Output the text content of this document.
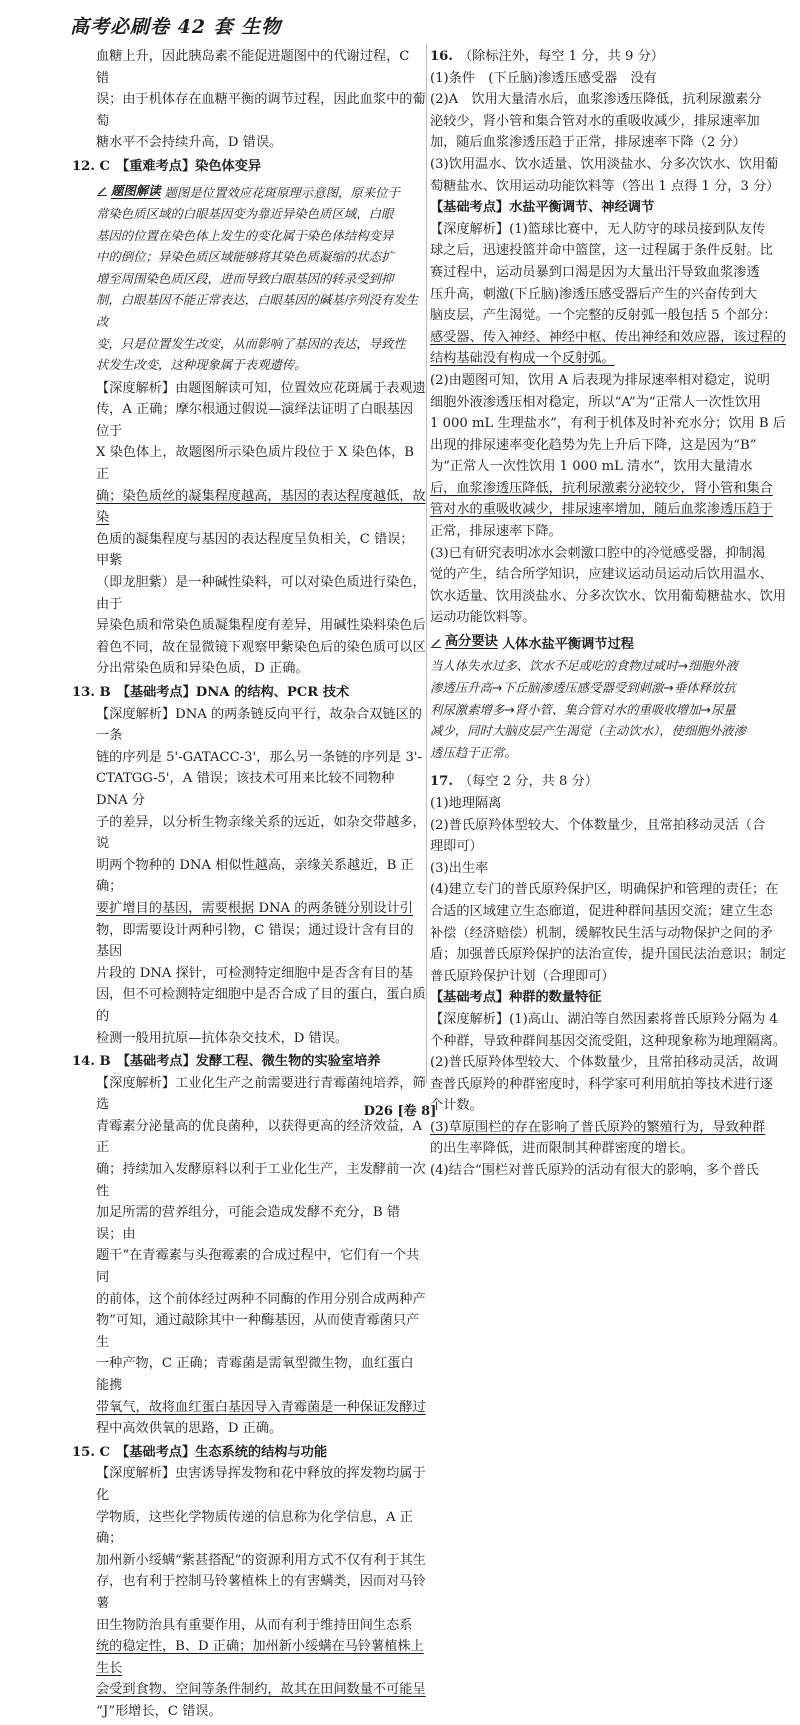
高考必刷卷 42 套 生物
血糖上升，因此胰岛素不能促进题图中的代谢过程，C 错
误；由于机体存在血糖平衡的调节过程，因此血浆中的葡萄
糖水平不会持续升高，D 错误。
12. C 【重难考点】染色体变异
题图解读 题图是位置效应花斑原理示意图，原来位于
常染色质区域的白眼基因变为靠近异染色质区域，白眼
基因的位置在染色体上发生的变化属于染色体结构变异
中的倒位；异染色质区域能够将其染色质凝缩的状态扩
增至周围染色质区段，进而导致白眼基因的转录受到抑
制，白眼基因不能正常表达，白眼基因的碱基序列没有发生改
变，只是位置发生改变，从而影响了基因的表达，导致性
状发生改变，这种现象属于表观遗传。
【深度解析】由题图解读可知，位置效应花斑属于表观遗
传，A 正确；摩尔根通过假说—演绎法证明了白眼基因位于
X 染色体上，故题图所示染色质片段位于 X 染色体，B 正
确；染色质丝的凝集程度越高，基因的表达程度越低，故染
色质的凝集程度与基因的表达程度呈负相关，C 错误；甲紫
（即龙胆紫）是一种碱性染料，可以对染色质进行染色，由于
异染色质和常染色质凝集程度有差异，用碱性染料染色后
着色不同，故在显微镜下观察甲紫染色后的染色质可以区
分出常染色质和异染色质，D 正确。
13. B 【基础考点】DNA 的结构、PCR 技术
【深度解析】DNA 的两条链反向平行，故杂合双链区的一条
链的序列是 5'-GATACC-3'，那么另一条链的序列是 3'-
CTATGG-5'，A 错误；该技术可用来比较不同物种 DNA 分
子的差异，以分析生物亲缘关系的远近，如杂交带越多，说
明两个物种的 DNA 相似性越高，亲缘关系越近，B 正确；
要扩增目的基因，需要根据 DNA 的两条链分别设计引
物，即需要设计两种引物，C 错误；通过设计含有目的基因
片段的 DNA 探针，可检测特定细胞中是否含有目的基
因，但不可检测特定细胞中是否合成了目的蛋白，蛋白质的
检测一般用抗原—抗体杂交技术，D 错误。
14. B 【基础考点】发酵工程、微生物的实验室培养
【深度解析】工业化生产之前需要进行青霉菌纯培养，筛选
青霉素分泌量高的优良菌种，以获得更高的经济效益，A 正
确；持续加入发酵原料以利于工业化生产，主发酵前一次性
加足所需的营养组分，可能会造成发酵不充分，B 错误；由
题干“在青霉素与头孢霉素的合成过程中，它们有一个共同
的前体，这个前体经过两种不同酶的作用分别合成两种产
物”可知，通过敲除其中一种酶基因，从而使青霉菌只产生
一种产物，C 正确；青霉菌是需氧型微生物，血红蛋白能携
带氧气，故将血红蛋白基因导入青霉菌是一种保证发酵过
程中高效供氧的思路，D 正确。
15. C 【基础考点】生态系统的结构与功能
【深度解析】虫害诱导挥发物和花中释放的挥发物均属于化
学物质，这些化学物质传递的信息称为化学信息，A 正确；
加州新小绥螨“紫甚搭配”的资源利用方式不仅有利于其生
存，也有利于控制马铃薯植株上的有害螨类，因而对马铃薯
田生物防治具有重要作用，从而有利于维持田间生态系
统的稳定性，B、D 正确；加州新小绥螨在马铃薯植株上生长
会受到食物、空间等条件制约，故其在田间数量不可能呈
“J”形增长，C 错误。
16. （除标注外，每空 1 分，共 9 分）
(1)条件　(下丘脑)渗透压感受器　没有
(2)A　饮用大量清水后，血浆渗透压降低，抗利尿激素分
泌较少，肾小管和集合管对水的重吸收减少，排尿速率加
加，随后血浆渗透压趋于正常，排尿速率下降（2 分）
(3)饮用温水、饮水适量、饮用淡盐水、分多次饮水、饮用葡
萄糖盐水、饮用运动功能饮料等（答出 1 点得 1 分，3 分）
【基础考点】水盐平衡调节、神经调节
【深度解析】(1)篮球比赛中，无人防守的球员接到队友传
球之后，迅速投篮并命中篮筐，这一过程属于条件反射。比
赛过程中，运动员暴到口渴是因为大量出汗导致血浆渗透
压升高，刺激(下丘脑)渗透压感受器后产生的兴奋传到大
脑皮层，产生渴觉。一个完整的反射弧一般包括 5 个部分：
感受器、传入神经、神经中枢、传出神经和效应器，该过程的
结构基础没有构成一个反射弧。
(2)由题图可知，饮用 A 后表现为排尿速率相对稳定，说明
细胞外液渗透压相对稳定，所以“A”为“正常人一次性饮用
1 000 mL 生理盐水”，有利于机体及时补充水分；饮用 B 后
出现的排尿速率变化趋势为先上升后下降，这是因为“B”
为“正常人一次性饮用 1 000 mL 清水”，饮用大量清水
后，血浆渗透压降低，抗利尿激素分泌较少，肾小管和集合
管对水的重吸收减少，排尿速率增加，随后血浆渗透压趋于
正常，排尿速率下降。
(3)已有研究表明冰水会刺激口腔中的冷觉感受器，抑制渴
觉的产生，结合所学知识，应建议运动员运动后饮用温水、
饮水适量、饮用淡盐水、分多次饮水、饮用葡萄糖盐水、饮用
运动功能饮料等。
高分要诀 人体水盐平衡调节过程
当人体失水过多、饮水不足或吃的食物过咸时→细胞外液
渗透压升高→下丘脑渗透压感受器受到刺激→垂体释放抗
利尿激素增多→肾小管、集合管对水的重吸收增加→尿量
减少，同时大脑皮层产生渴觉（主动饮水），使细胞外液渗
透压趋于正常。
17. （每空 2 分，共 8 分）
(1)地理隔离
(2)普氏原羚体型较大、个体数量少，且常拍移动灵活（合
理即可）
(3)出生率
(4)建立专门的普氏原羚保护区，明确保护和管理的责任；在
合适的区域建立生态廊道，促进种群间基因交流；建立生态
补偿（经济赔偿）机制，缓解牧民生活与动物保护之间的矛
盾；加强普氏原羚保护的法治宣传，提升国民法治意识；制定
普氏原羚保护计划（合理即可）
【基础考点】种群的数量特征
【深度解析】(1)高山、湖泊等自然因素将普氏原羚分隔为 4
个种群，导致种群间基因交流受阻，这种现象称为地理隔离。
(2)普氏原羚体型较大、个体数量少，且常拍移动灵活，故调
查普氏原羚的种群密度时，科学家可利用航拍等技术进行逐
个计数。
(3)草原围栏的存在影响了普氏原羚的繁殖行为，导致种群
的出生率降低，进而限制其种群密度的增长。
(4)结合“围栏对普氏原羚的活动有很大的影响，多个普氏
D26 [卷 8]
